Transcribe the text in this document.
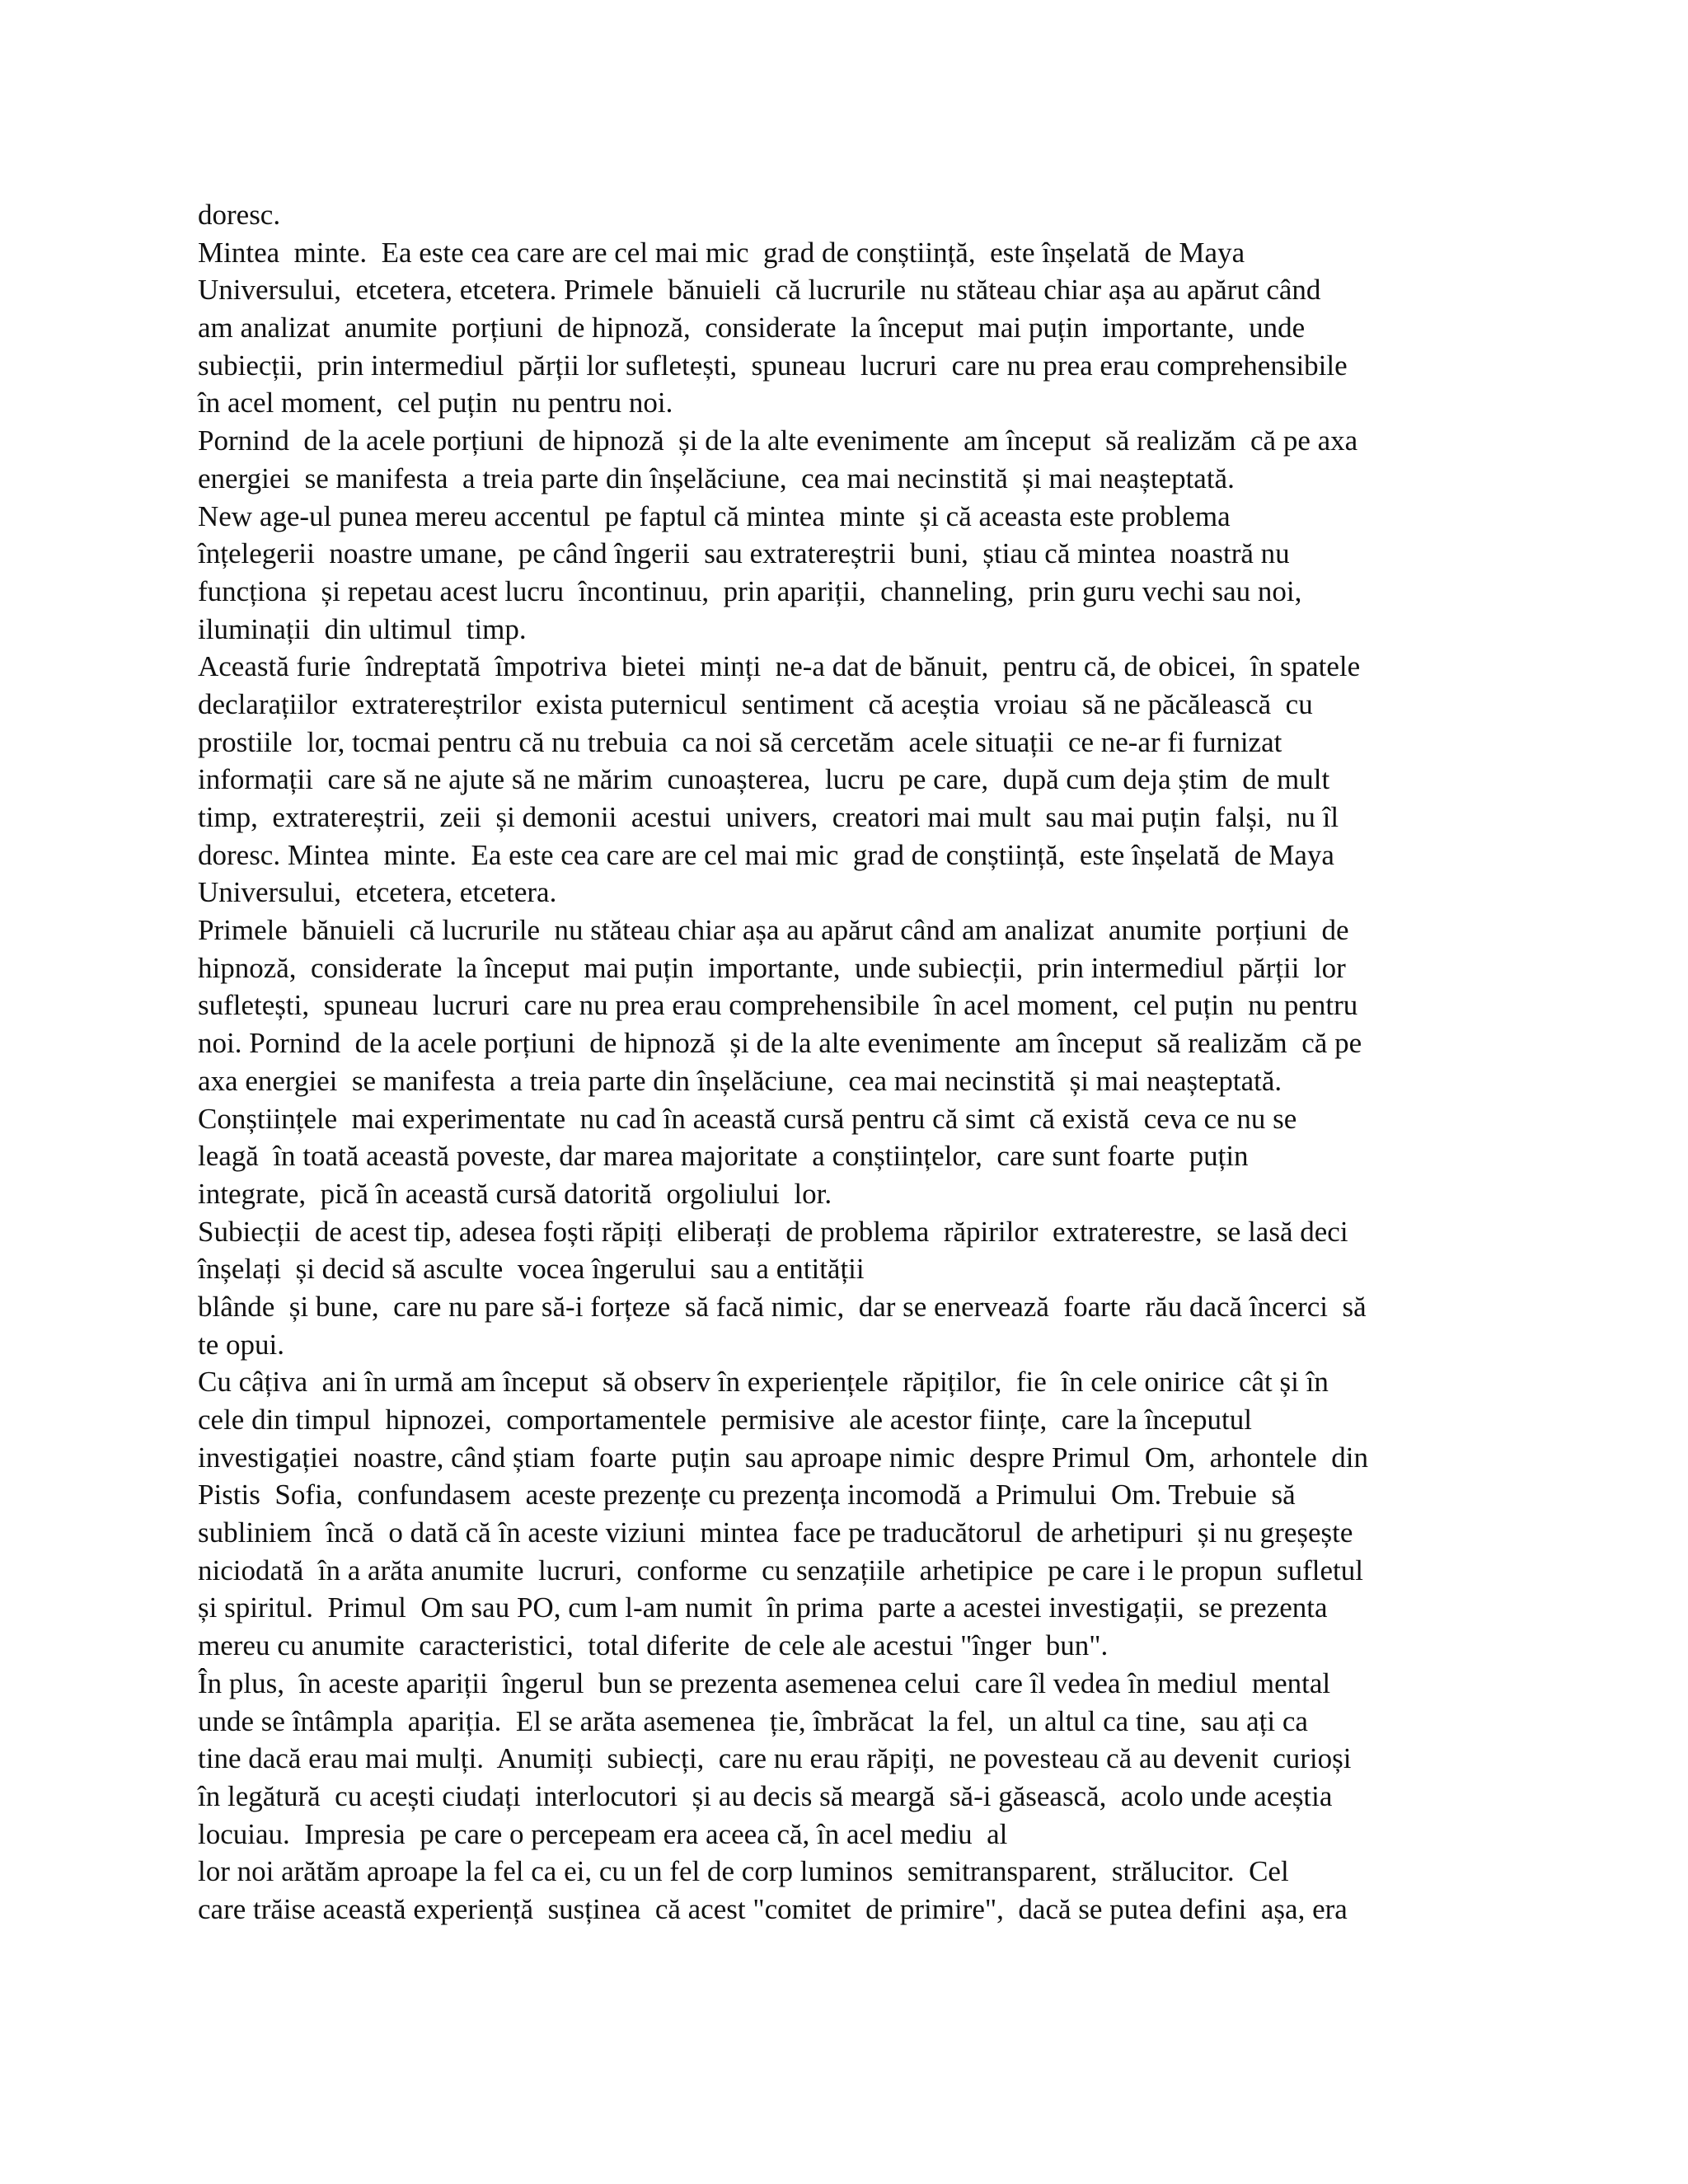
doresc.
Mintea  minte.  Ea este cea care are cel mai mic  grad de conștiință,  este înșelată  de Maya
Universului,  etcetera, etcetera. Primele  bănuieli  că lucrurile  nu stăteau chiar așa au apărut când
am analizat  anumite  porțiuni  de hipnoză,  considerate  la început  mai puțin  importante,  unde
subiecții,  prin intermediul  părții lor sufletești,  spuneau  lucruri  care nu prea erau comprehensibile
în acel moment,  cel puțin  nu pentru noi.
Pornind  de la acele porțiuni  de hipnoză  și de la alte evenimente  am început  să realizăm  că pe axa
energiei  se manifesta  a treia parte din înșelăciune,  cea mai necinstită  și mai neașteptată.
New age-ul punea mereu accentul  pe faptul că mintea  minte  și că aceasta este problema
înțelegerii  noastre umane,  pe când îngerii  sau extratereștrii  buni,  știau că mintea  noastră nu
funcționa  și repetau acest lucru  încontinuu,  prin apariții,  channeling,  prin guru vechi sau noi,
iluminații  din ultimul  timp.
Această furie  îndreptată  împotriva  bietei  minți  ne-a dat de bănuit,  pentru că, de obicei,  în spatele
declarațiilor  extratereștrilor  exista puternicul  sentiment  că aceștia  vroiau  să ne păcălească  cu
prostiile  lor, tocmai pentru că nu trebuia  ca noi să cercetăm  acele situații  ce ne-ar fi furnizat
informații  care să ne ajute să ne mărim  cunoașterea,  lucru  pe care,  după cum deja știm  de mult
timp,  extratereștrii,  zeii  și demonii  acestui  univers,  creatori mai mult  sau mai puțin  falși,  nu îl
doresc. Mintea  minte.  Ea este cea care are cel mai mic  grad de conștiință,  este înșelată  de Maya
Universului,  etcetera, etcetera.
Primele  bănuieli  că lucrurile  nu stăteau chiar așa au apărut când am analizat  anumite  porțiuni  de
hipnoză,  considerate  la început  mai puțin  importante,  unde subiecții,  prin intermediul  părții  lor
sufletești,  spuneau  lucruri  care nu prea erau comprehensibile  în acel moment,  cel puțin  nu pentru
noi. Pornind  de la acele porțiuni  de hipnoză  și de la alte evenimente  am început  să realizăm  că pe
axa energiei  se manifesta  a treia parte din înșelăciune,  cea mai necinstită  și mai neașteptată.
Conștiințele  mai experimentate  nu cad în această cursă pentru că simt  că există  ceva ce nu se
leagă  în toată această poveste, dar marea majoritate  a conștiințelor,  care sunt foarte  puțin
integrate,  pică în această cursă datorită  orgoliului  lor.
Subiecții  de acest tip, adesea foști răpiți  eliberați  de problema  răpirilor  extraterestre,  se lasă deci
înșelați  și decid să asculte  vocea îngerului  sau a entității
blânde  și bune,  care nu pare să-i forțeze  să facă nimic,  dar se enervează  foarte  rău dacă încerci  să
te opui.
Cu câțiva  ani în urmă am început  să observ în experiențele  răpiților,  fie  în cele onirice  cât și în
cele din timpul  hipnozei,  comportamentele  permisive  ale acestor ființe,  care la începutul
investigației  noastre, când știam  foarte  puțin  sau aproape nimic  despre Primul  Om,  arhontele  din
Pistis  Sofia,  confundasem  aceste prezențe cu prezența incomodă  a Primului  Om. Trebuie  să
subliniem  încă  o dată că în aceste viziuni  mintea  face pe traducătorul  de arhetipuri  și nu greșește
niciodată  în a arăta anumite  lucruri,  conforme  cu senzațiile  arhetipice  pe care i le propun  sufletul
și spiritul.  Primul  Om sau PO, cum l-am numit  în prima  parte a acestei investigații,  se prezenta
mereu cu anumite  caracteristici,  total diferite  de cele ale acestui "înger  bun".
În plus,  în aceste apariții  îngerul  bun se prezenta asemenea celui  care îl vedea în mediul  mental
unde se întâmpla  apariția.  El se arăta asemenea  ție, îmbrăcat  la fel,  un altul ca tine,  sau ați ca
tine dacă erau mai mulți.  Anumiți  subiecți,  care nu erau răpiți,  ne povesteau că au devenit  curioși
în legătură  cu acești ciudați  interlocutori  și au decis să meargă  să-i găsească,  acolo unde aceștia
locuiau.  Impresia  pe care o percepeam era aceea că, în acel mediu  al
lor noi arătăm aproape la fel ca ei, cu un fel de corp luminos  semitransparent,  strălucitor.  Cel
care trăise această experiență  susținea  că acest "comitet  de primire",  dacă se putea defini  așa, era
